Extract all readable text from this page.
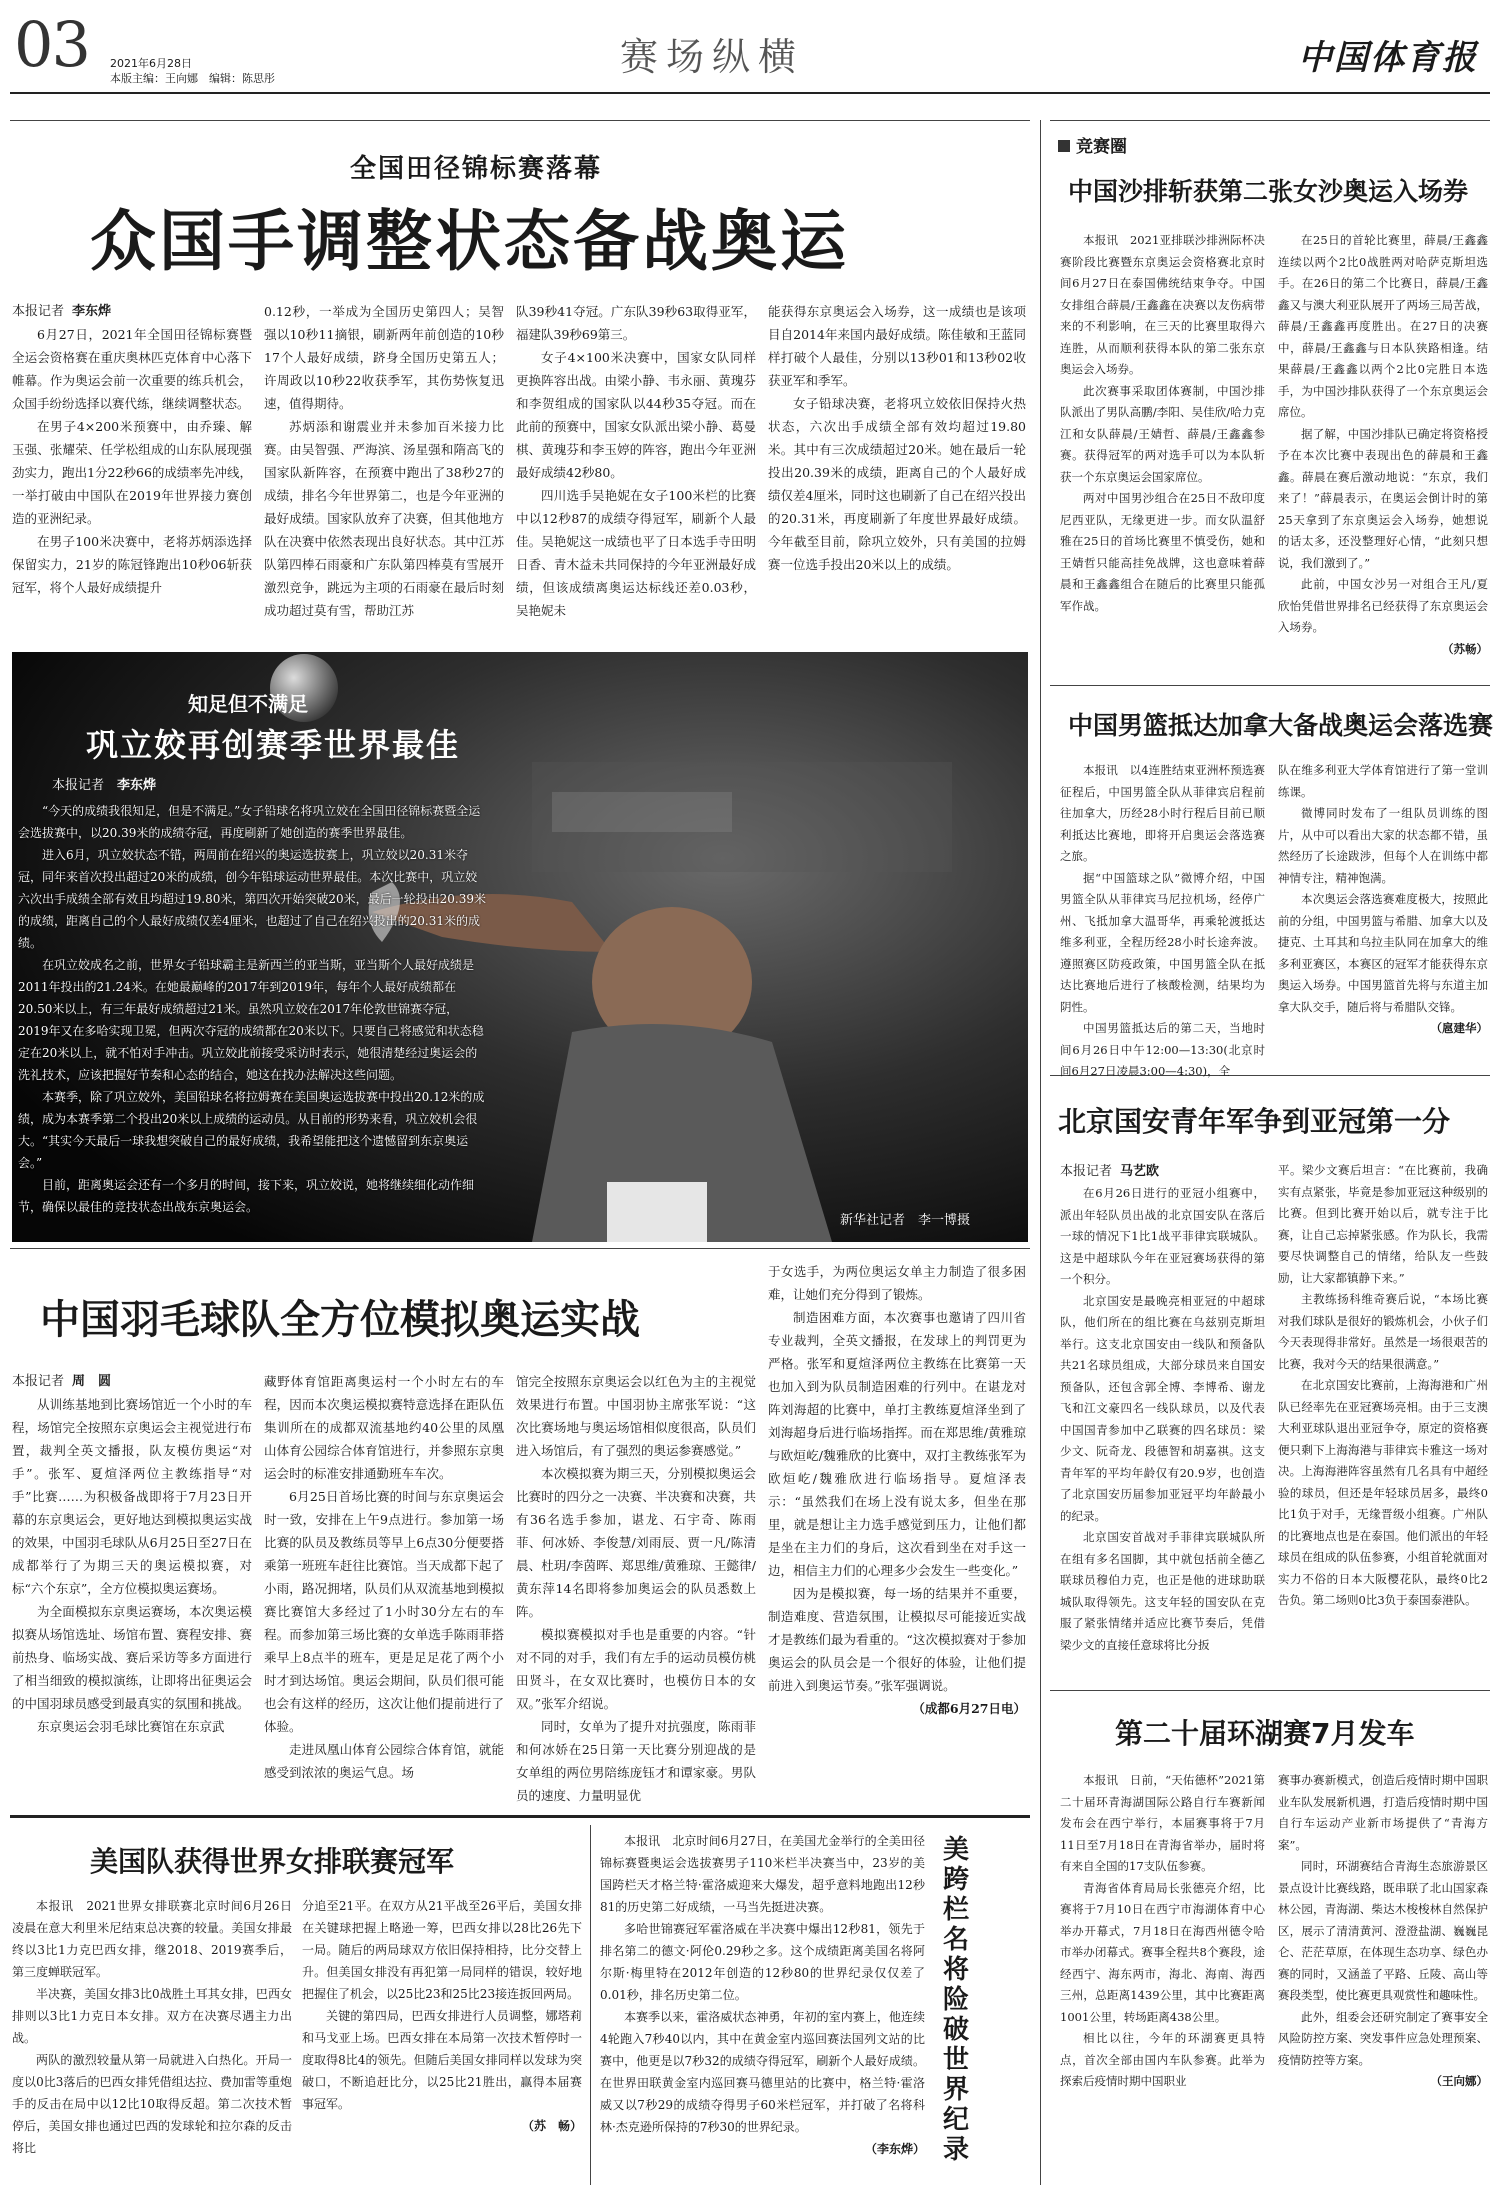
03 2021年6月28日
本版主编：王向娜　编辑：陈思彤	赛场纵横	中国体育报
全国田径锦标赛落幕
众国手调整状态备战奥运
本报记者 李东烨

6月27日，2021年全国田径锦标赛暨全运会资格赛在重庆奥林匹克体育中心落下帷幕。作为奥运会前一次重要的练兵机会，众国手纷纷选择以赛代练，继续调整状态。

在男子4×200米预赛中，由乔臻、解玉强、张耀荣、任学松组成的山东队展现强劲实力，跑出1分22秒66的成绩率先冲线，一举打破由中国队在2019年世界接力赛创造的亚洲纪录。

在男子100米决赛中，老将苏炳添选择保留实力，21岁的陈冠锋跑出10秒06斩获冠军，将个人最好成绩提升

0.12秒，一举成为全国历史第四人；吴智强以10秒11摘银，刷新两年前创造的10秒17个人最好成绩，跻身全国历史第五人；许周政以10秒22收获季军，其伤势恢复迅速，值得期待。

苏炳添和谢震业并未参加百米接力比赛。由吴智强、严海滨、汤星强和隋高飞的国家队新阵容，在预赛中跑出了38秒27的成绩，排名今年世界第二，也是今年亚洲的最好成绩。国家队放弃了决赛，但其他地方队在决赛中依然表现出良好状态。其中江苏队第四棒石雨豪和广东队第四棒莫有雪展开激烈竞争，跳远为主项的石雨豪在最后时刻成功超过莫有雪，帮助江苏

队39秒41夺冠。广东队39秒63取得亚军，福建队39秒69第三。

女子4×100米决赛中，国家女队同样更换阵容出战。由梁小静、韦永丽、黄瑰芬和李贺组成的国家队以44秒35夺冠。而在此前的预赛中，国家女队派出梁小静、葛曼棋、黄瑰芬和李玉婷的阵容，跑出今年亚洲最好成绩42秒80。

四川选手吴艳妮在女子100米栏的比赛中以12秒87的成绩夺得冠军，刷新个人最佳。吴艳妮这一成绩也平了日本选手寺田明日香、青木益未共同保持的今年亚洲最好成绩，但该成绩离奥运达标线还差0.03秒，吴艳妮未

能获得东京奥运会入场券，这一成绩也是该项目自2014年来国内最好成绩。陈佳敏和王蓝同样打破个人最佳，分别以13秒01和13秒02收获亚军和季军。

女子铅球决赛，老将巩立姣依旧保持火热状态，六次出手成绩全部有效均超过19.80米。其中有三次成绩超过20米。她在最后一轮投出20.39米的成绩，距离自己的个人最好成绩仅差4厘米，同时这也刷新了自己在绍兴投出的20.31米，再度刷新了年度世界最好成绩。今年截至目前，除巩立姣外，只有美国的拉姆赛一位选手投出20米以上的成绩。

知足但不满足
巩立姣再创赛季世界最佳
本报记者　 李东烨

“今天的成绩我很知足，但是不满足。”女子铅球名将巩立姣在全国田径锦标赛暨全运会选拔赛中，以20.39米的成绩夺冠，再度刷新了她创造的赛季世界最佳。

进入6月，巩立姣状态不错，两周前在绍兴的奥运选拔赛上，巩立姣以20.31米夺冠，同年来首次投出超过20米的成绩，创今年铅球运动世界最佳。本次比赛中，巩立姣六次出手成绩全部有效且均超过19.80米，第四次开始突破20米，最后一轮投出20.39米的成绩，距离自己的个人最好成绩仅差4厘米，也超过了自己在绍兴投出的20.31米的成绩。

在巩立姣成名之前，世界女子铅球霸主是新西兰的亚当斯，亚当斯个人最好成绩是2011年投出的21.24米。在她最巅峰的2017年到2019年，每年个人最好成绩都在20.50米以上，有三年最好成绩超过21米。虽然巩立姣在2017年伦敦世锦赛夺冠，2019年又在多哈实现卫冕，但两次夺冠的成绩都在20米以下。只要自己将感觉和状态稳定在20米以上，就不怕对手冲击。巩立姣此前接受采访时表示，她很清楚经过奥运会的洗礼技术，应该把握好节奏和心态的结合，她这在找办法解决这些问题。

本赛季，除了巩立姣外，美国铅球名将拉姆赛在美国奥运选拔赛中投出20.12米的成绩，成为本赛季第二个投出20米以上成绩的运动员。从目前的形势来看，巩立姣机会很大。“其实今天最后一球我想突破自己的最好成绩，我希望能把这个遗憾留到东京奥运会。”

目前，距离奥运会还有一个多月的时间，接下来，巩立姣说，她将继续细化动作细节，确保以最佳的竞技状态出战东京奥运会。

新华社记者　李一博摄
中国羽毛球队全方位模拟奥运实战
本报记者 周　圆

从训练基地到比赛场馆近一个小时的车程，场馆完全按照东京奥运会主视觉进行布置，裁判全英文播报，队友模仿奥运“对手”。张军、夏煊泽两位主教练指导“对手”比赛……为积极备战即将于7月23日开幕的东京奥运会，更好地达到模拟奥运实战的效果，中国羽毛球队从6月25日至27日在成都举行了为期三天的奥运模拟赛，对标“六个东京”，全方位模拟奥运赛场。

为全面模拟东京奥运赛场，本次奥运模拟赛从场馆选址、场馆布置、赛程安排、赛前热身、临场实战、赛后采访等多方面进行了相当细致的模拟演练，让即将出征奥运会的中国羽球员感受到最真实的氛围和挑战。

东京奥运会羽毛球比赛馆在东京武

藏野体育馆距离奥运村一个小时左右的车程，因而本次奥运模拟赛特意选择在距队伍集训所在的成都双流基地约40公里的凤凰山体育公园综合体育馆进行，并参照东京奥运会时的标准安排通勤班车车次。

6月25日首场比赛的时间与东京奥运会时一致，安排在上午9点进行。参加第一场比赛的队员及教练员等早上6点30分便要搭乘第一班班车赶往比赛馆。当天成都下起了小雨，路况拥堵，队员们从双流基地到模拟赛比赛馆大多经过了1小时30分左右的车程。而参加第三场比赛的女单选手陈雨菲搭乘早上8点半的班车，更是足足花了两个小时才到达场馆。奥运会期间，队员们很可能也会有这样的经历，这次让他们提前进行了体验。

走进凤凰山体育公园综合体育馆，就能感受到浓浓的奥运气息。场

馆完全按照东京奥运会以红色为主的主视觉效果进行布置。中国羽协主席张军说：“这次比赛场地与奥运场馆相似度很高，队员们进入场馆后，有了强烈的奥运参赛感觉。”

本次模拟赛为期三天，分别模拟奥运会比赛时的四分之一决赛、半决赛和决赛，共有36名选手参加，谌龙、石宇奇、陈雨菲、何冰娇、李俊慧/刘雨辰、贾一凡/陈清晨、杜玥/李茵晖、郑思维/黄雅琼、王懿律/黄东萍14名即将参加奥运会的队员悉数上阵。

模拟赛模拟对手也是重要的内容。“针对不同的对手，我们有左手的运动员模仿桃田贤斗，在女双比赛时，也模仿日本的女双。”张军介绍说。

同时，女单为了提升对抗强度，陈雨菲和何冰娇在25日第一天比赛分别迎战的是女单组的两位男陪练庞钰才和谭家豪。男队员的速度、力量明显优

于女选手，为两位奥运女单主力制造了很多困难，让她们充分得到了锻炼。

制造困难方面，本次赛事也邀请了四川省专业裁判，全英文播报，在发球上的判罚更为严格。张军和夏煊泽两位主教练在比赛第一天也加入到为队员制造困难的行列中。在谌龙对阵刘海超的比赛中，单打主教练夏煊泽坐到了刘海超身后进行临场指挥。而在郑思维/黄雅琼与欧烜屹/魏雅欣的比赛中，双打主教练张军为欧烜屹/魏雅欣进行临场指导。夏煊泽表示：“虽然我们在场上没有说太多，但坐在那里，就是想让主力选手感觉到压力，让他们都是坐在主力们的身后，这次看到坐在对手这一边，相信主力们的心理多少会发生一些变化。”

因为是模拟赛，每一场的结果并不重要，制造难度、营造氛围，让模拟尽可能接近实战才是教练们最为看重的。“这次模拟赛对于参加奥运会的队员会是一个很好的体验，让他们提前进入到奥运节奏。”张军强调说。

（成都6月27日电）
美国队获得世界女排联赛冠军

本报讯　2021世界女排联赛北京时间6月26日凌晨在意大利里米尼结束总决赛的较量。美国女排最终以3比1力克巴西女排，继2018、2019赛季后，第三度蝉联冠军。

半决赛，美国女排3比0战胜土耳其女排，巴西女排则以3比1力克日本女排。双方在决赛尽遇主力出战。

两队的激烈较量从第一局就进入白热化。开局一度以0比3落后的巴西女排凭借组达拉、费加雷等重炮手的反击在局中以12比10取得反超。第二次技术暂停后，美国女排也通过巴西的发球轮和拉尔森的反击将比

分追至21平。在双方从21平战至26平后，美国女排在关键球把握上略逊一筹，巴西女排以28比26先下一局。随后的两局球双方依旧保持相持，比分交替上升。但美国女排没有再犯第一局同样的错误，较好地把握住了机会，以25比23和25比23接连扳回两局。

关键的第四局，巴西女排进行人员调整，娜塔莉和马戈亚上场。巴西女排在本局第一次技术暂停时一度取得8比4的领先。但随后美国女排同样以发球为突破口，不断追赶比分，以25比21胜出，赢得本届赛事冠军。

（苏　畅）

本报讯　北京时间6月27日，在美国尤金举行的全美田径锦标赛暨奥运会选拔赛男子110米栏半决赛当中，23岁的美国跨栏天才格兰特·霍洛威迎来大爆发，超乎意料地跑出12秒81的历史第二好成绩，一马当先挺进决赛。

多哈世锦赛冠军霍洛威在半决赛中爆出12秒81，领先于排名第二的德文·阿伦0.29秒之多。这个成绩距离美国名将阿尔斯·梅里特在2012年创造的12秒80的世界纪录仅仅差了0.01秒，排名历史第二位。

本赛季以来，霍洛威状态神勇，年初的室内赛上，他连续4轮跑入7秒40以内，其中在黄金室内巡回赛法国列文站的比赛中，他更是以7秒32的成绩夺得冠军，刷新个人最好成绩。在世界田联黄金室内巡回赛马德里站的比赛中，格兰特·霍洛威又以7秒29的成绩夺得男子60米栏冠军，并打破了名将科林·杰克逊所保持的7秒30的世界纪录。

（李东烨）
美跨栏名将险破世界纪录
竞赛圈
中国沙排斩获第二张女沙奥运入场券

本报讯　2021亚排联沙排洲际杯决赛阶段比赛暨东京奥运会资格赛北京时间6月27日在泰国佛统结束争夺。中国女排组合薛晨/王鑫鑫在决赛以友伤病带来的不利影响，在三天的比赛里取得六连胜，从而顺利获得本队的第二张东京奥运会入场券。

此次赛事采取团体赛制，中国沙排队派出了男队高鹏/李阳、吴佳欣/哈力克江和女队薛晨/王婧哲、薛晨/王鑫鑫参赛。获得冠军的两对选手可以为本队斩获一个东京奥运会国家席位。

两对中国男沙组合在25日不敌印度尼西亚队，无缘更进一步。而女队温舒雅在25日的首场比赛里不慎受伤，她和王婧哲只能高挂免战牌，这也意味着薛晨和王鑫鑫组合在随后的比赛里只能孤军作战。

在25日的首轮比赛里，薛晨/王鑫鑫连续以两个2比0战胜两对哈萨克斯坦选手。在26日的第二个比赛日，薛晨/王鑫鑫又与澳大利亚队展开了两场三局苦战，薛晨/王鑫鑫再度胜出。在27日的决赛中，薛晨/王鑫鑫与日本队狭路相逢。结果薛晨/王鑫鑫以两个2比0完胜日本选手，为中国沙排队获得了一个东京奥运会席位。

据了解，中国沙排队已确定将资格授予在本次比赛中表现出色的薛晨和王鑫鑫。薛晨在赛后激动地说：“东京，我们来了！”薛晨表示，在奥运会倒计时的第25天拿到了东京奥运会入场券，她想说的话太多，还没整理好心情，“此刻只想说，我们激到了。”

此前，中国女沙另一对组合王凡/夏欣怡凭借世界排名已经获得了东京奥运会入场券。

（苏畅）
中国男篮抵达加拿大备战奥运会落选赛

本报讯　以4连胜结束亚洲杯预选赛征程后，中国男篮全队从菲律宾启程前往加拿大，历经28小时行程后目前已顺利抵达比赛地，即将开启奥运会落选赛之旅。

据“中国篮球之队”微博介绍，中国男篮全队从菲律宾马尼拉机场，经停广州、飞抵加拿大温哥华，再乘轮渡抵达维多利亚，全程历经28小时长途奔波。遵照赛区防疫政策，中国男篮全队在抵达比赛地后进行了核酸检测，结果均为阴性。

中国男篮抵达后的第二天，当地时间6月26日中午12:00—13:30(北京时间6月27日凌晨3:00—4:30)，全

队在维多利亚大学体育馆进行了第一堂训练课。

微博同时发布了一组队员训练的图片，从中可以看出大家的状态都不错，虽然经历了长途跋涉，但每个人在训练中都神情专注，精神饱满。

本次奥运会落选赛难度极大，按照此前的分组，中国男篮与希腊、加拿大以及捷克、土耳其和乌拉圭队同在加拿大的维多利亚赛区，本赛区的冠军才能获得东京奥运入场券。中国男篮首先将与东道主加拿大队交手，随后将与希腊队交锋。

（扈建华）
北京国安青年军争到亚冠第一分
本报记者 马艺欧

在6月26日进行的亚冠小组赛中，派出年轻队员出战的北京国安队在落后一球的情况下1比1战平菲律宾联城队。这是中超球队今年在亚冠赛场获得的第一个积分。

北京国安是最晚亮相亚冠的中超球队，他们所在的组比赛在乌兹别克斯坦举行。这支北京国安由一线队和预备队共21名球员组成，大部分球员来自国安预备队，还包含郭全博、李博希、谢龙飞和江文豪四名一线队球员，以及代表中国国青参加中乙联赛的四名球员：梁少文、阮奇龙、段德智和胡嘉祺。这支青年军的平均年龄仅有20.9岁，也创造了北京国安历届参加亚冠平均年龄最小的纪录。

北京国安首战对手菲律宾联城队所在组有多名国脚，其中就包括前全德乙联球员穆伯力克，也正是他的进球助联城队取得领先。这支年轻的国安队在克服了紧张情绪并适应比赛节奏后，凭借梁少文的直接任意球将比分扳

平。梁少文赛后坦言：“在比赛前，我确实有点紧张，毕竟是参加亚冠这种级别的比赛。但到比赛开始以后，就专注于比赛，让自己忘掉紧张感。作为队长，我需要尽快调整自己的情绪，给队友一些鼓励，让大家都镇静下来。”

主教练扬科维奇赛后说，“本场比赛对我们球队是很好的锻炼机会，小伙子们今天表现得非常好。虽然是一场很艰苦的比赛，我对今天的结果很满意。”

在北京国安比赛前，上海海港和广州队已经率先在亚冠赛场亮相。由于三支澳大利亚球队退出亚冠争夺，原定的资格赛便只剩下上海海港与菲律宾卡雅这一场对决。上海海港阵容虽然有几名具有中超经验的球员，但还是年轻球员居多，最终0比1负于对手，无缘晋级小组赛。广州队的比赛地点也是在泰国。他们派出的年轻球员在组成的队伍参赛，小组首轮就面对实力不俗的日本大阪樱花队，最终0比2告负。第二场则0比3负于泰国泰港队。

第二十届环湖赛7月发车

本报讯　日前，“天佑德杯”2021第二十届环青海湖国际公路自行车赛新闻发布会在西宁举行，本届赛事将于7月11日至7月18日在青海省举办，届时将有来自全国的17支队伍参赛。

青海省体育局局长张德亮介绍，比赛将于7月10日在西宁市海湖体育中心举办开幕式，7月18日在海西州德令哈市举办闭幕式。赛事全程共8个赛段，途经西宁、海东两市，海北、海南、海西三州，总距离1439公里，其中比赛距离1001公里，转场距离438公里。

相比以往，今年的环湖赛更具特点，首次全部由国内车队参赛。此举为探索后疫情时期中国职业

赛事办赛新模式，创造后疫情时期中国职业车队发展新机遇，打造后疫情时期中国自行车运动产业新市场提供了“青海方案”。

同时，环湖赛结合青海生态旅游景区景点设计比赛线路，既串联了北山国家森林公园，青海湖、柴达木梭梭林自然保护区，展示了清清黄河、澄澄盐湖、巍巍昆仑、茫茫草原，在体现生态功享、绿色办赛的同时，又涵盖了平路、丘陵、高山等赛段类型，使比赛更具观赏性和趣味性。

此外，组委会还研究制定了赛事安全风险防控方案、突发事件应急处理预案、疫情防控等方案。

（王向娜）
